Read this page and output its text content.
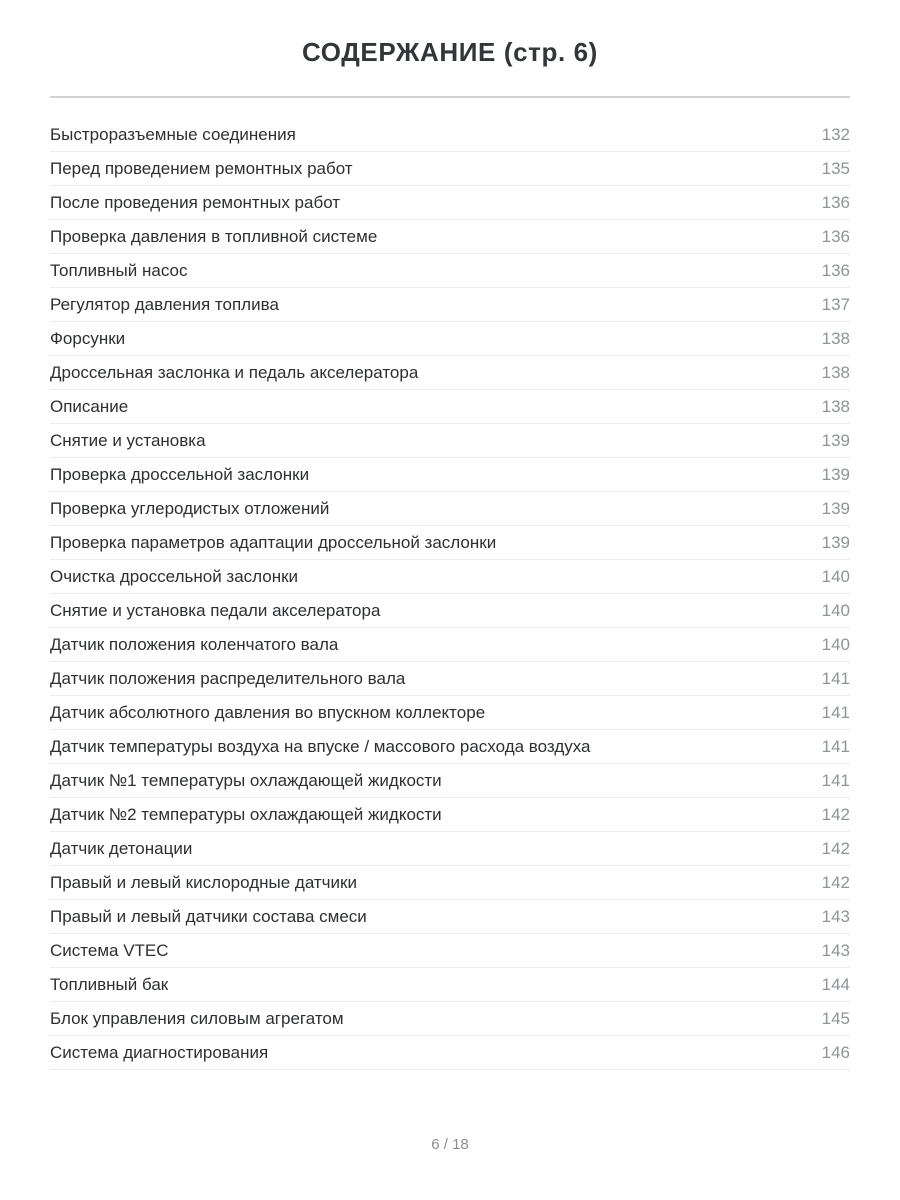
СОДЕРЖАНИЕ (стр. 6)
Быстроразъемные соединения	132
Перед проведением ремонтных работ	135
После проведения ремонтных работ	136
Проверка давления в топливной системе	136
Топливный насос	136
Регулятор давления топлива	137
Форсунки	138
Дроссельная заслонка и педаль акселератора	138
Описание	138
Снятие и установка	139
Проверка дроссельной заслонки	139
Проверка углеродистых отложений	139
Проверка параметров адаптации дроссельной заслонки	139
Очистка дроссельной заслонки	140
Снятие и установка педали акселератора	140
Датчик положения коленчатого вала	140
Датчик положения распределительного вала	141
Датчик абсолютного давления во впускном коллекторе	141
Датчик температуры воздуха на впуске / массового расхода воздуха	141
Датчик №1 температуры охлаждающей жидкости	141
Датчик №2 температуры охлаждающей жидкости	142
Датчик детонации	142
Правый и левый кислородные датчики	142
Правый и левый датчики состава смеси	143
Система VTEC	143
Топливный бак	144
Блок управления силовым агрегатом	145
Система диагностирования	146
6 / 18
